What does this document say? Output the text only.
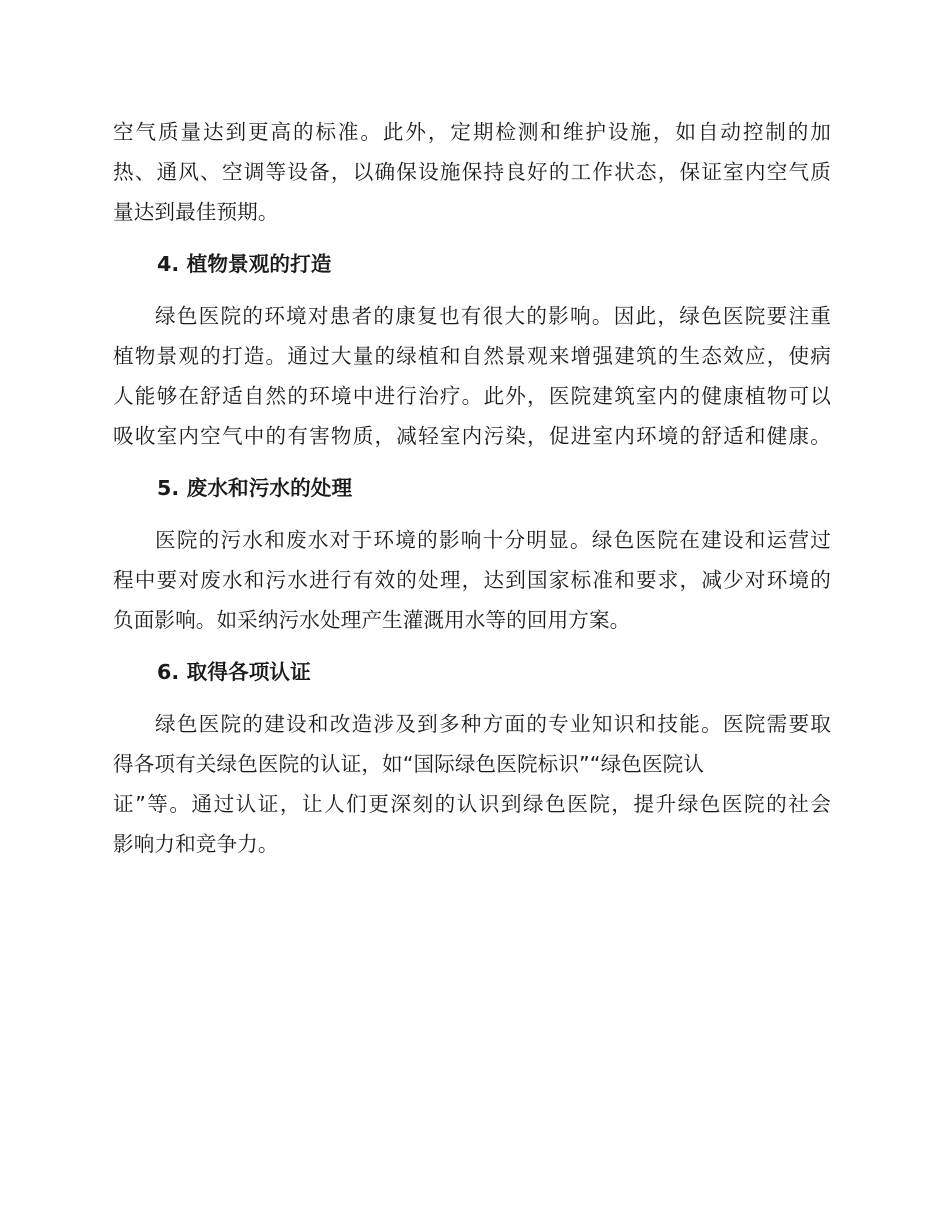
空气质量达到更高的标准。此外，定期检测和维护设施，如自动控制的加
热、通风、空调等设备，以确保设施保持良好的工作状态，保证室内空气质
量达到最佳预期。
4. 植物景观的打造
绿色医院的环境对患者的康复也有很大的影响。因此，绿色医院要注重
植物景观的打造。通过大量的绿植和自然景观来增强建筑的生态效应，使病
人能够在舒适自然的环境中进行治疗。此外，医院建筑室内的健康植物可以
吸收室内空气中的有害物质，减轻室内污染，促进室内环境的舒适和健康。
5. 废水和污水的处理
医院的污水和废水对于环境的影响十分明显。绿色医院在建设和运营过
程中要对废水和污水进行有效的处理，达到国家标准和要求，减少对环境的
负面影响。如采纳污水处理产生灌溉用水等的回用方案。
6. 取得各项认证
绿色医院的建设和改造涉及到多种方面的专业知识和技能。医院需要取
得各项有关绿色医院的认证，如“国际绿色医院标识”“绿色医院认
证”等。通过认证，让人们更深刻的认识到绿色医院，提升绿色医院的社会
影响力和竞争力。
